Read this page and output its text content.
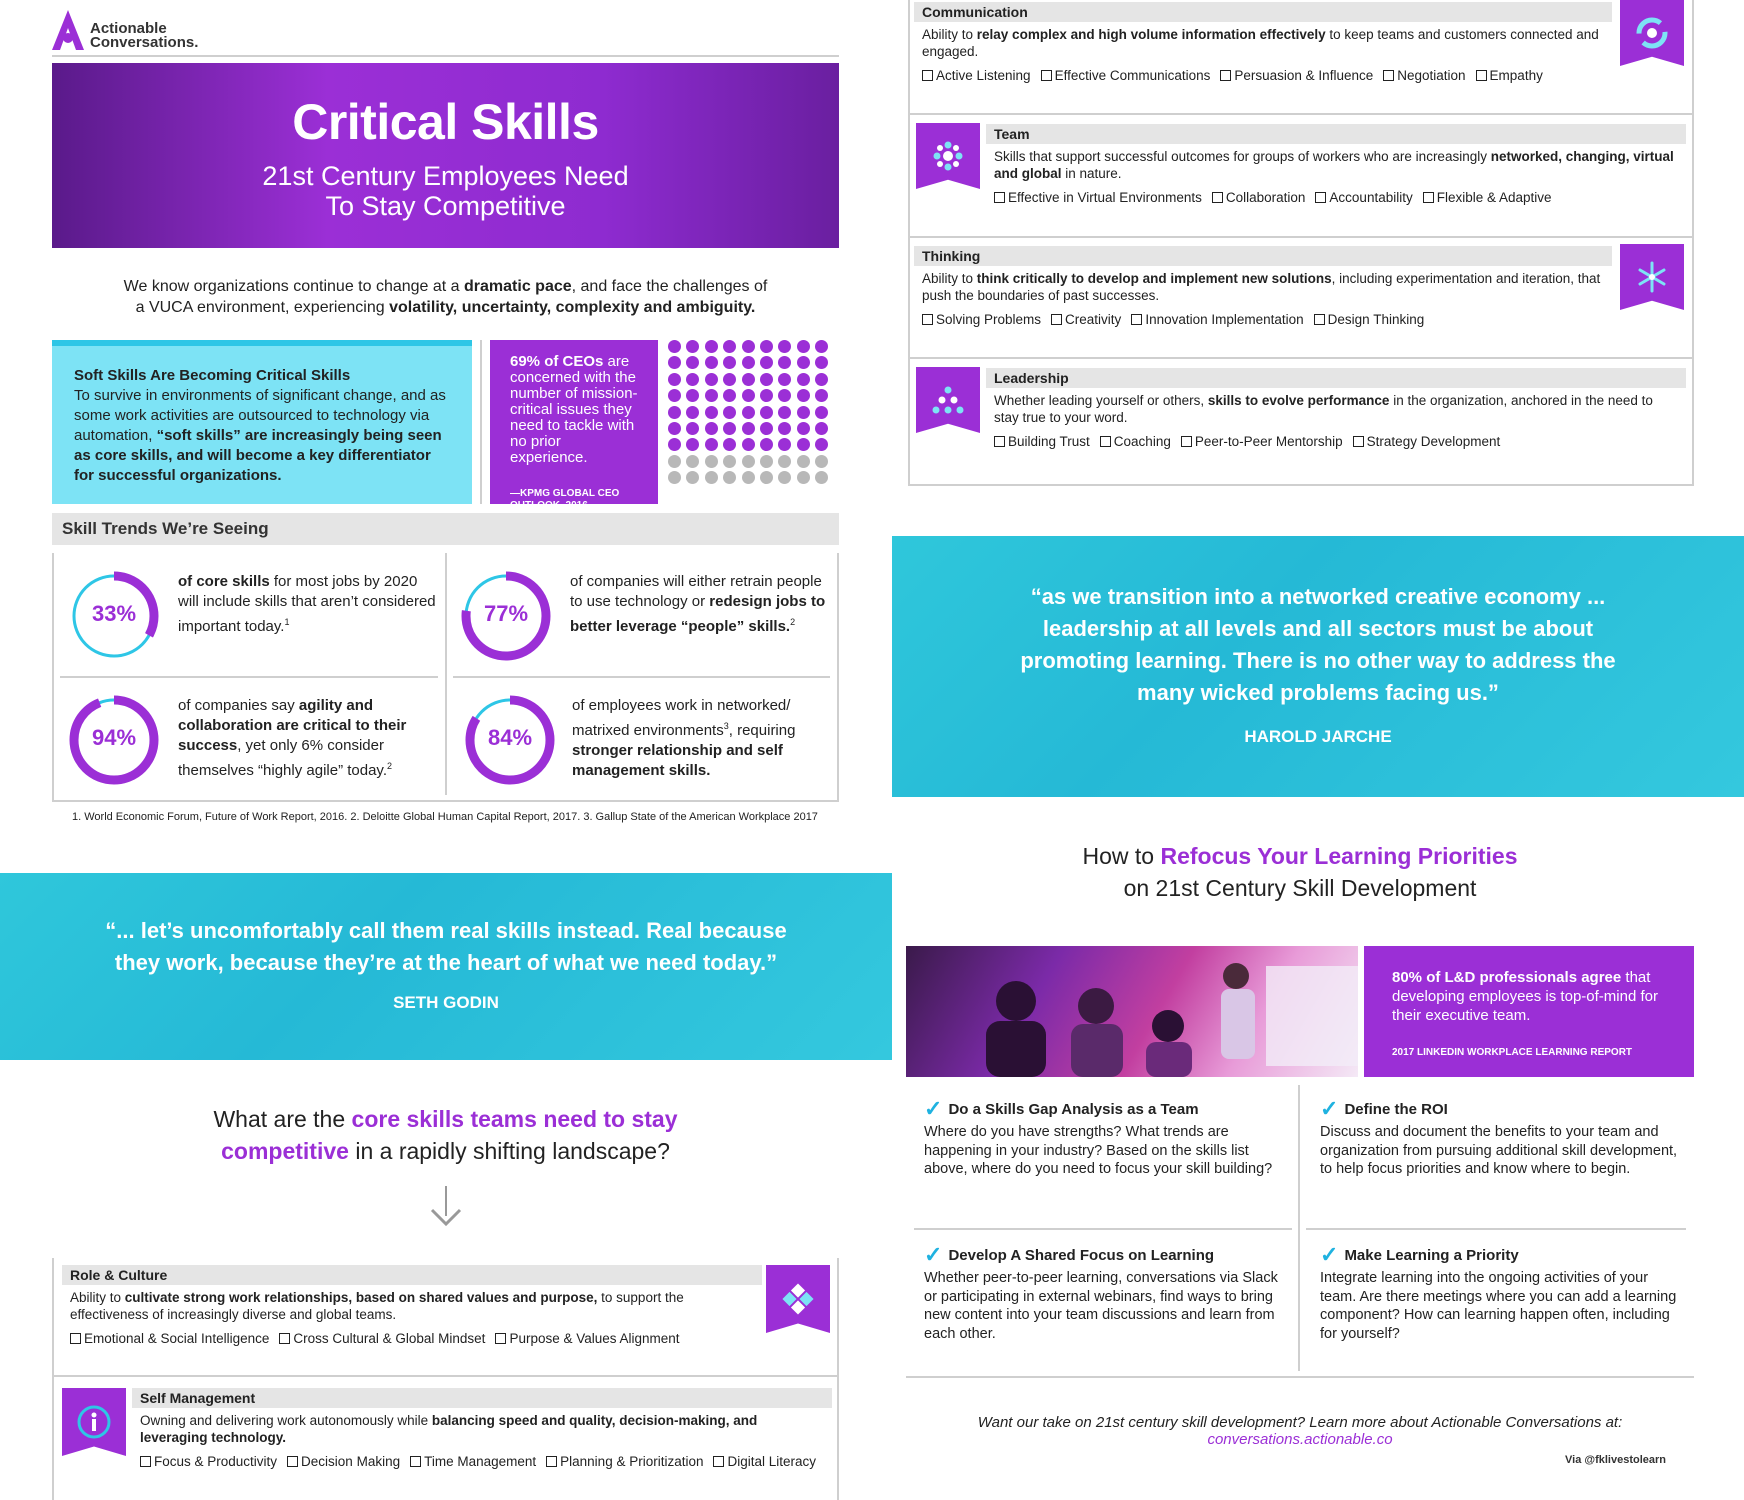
Actionable
Conversations.
Critical Skills
21st Century Employees Need
To Stay Competitive
We know organizations continue to change at a dramatic pace, and face the challenges of
a VUCA environment, experiencing volatility, uncertainty, complexity and ambiguity.
Soft Skills Are Becoming Critical Skills
To survive in environments of significant change, and as some work activities are outsourced to technology via automation, “soft skills” are increasingly being seen as core skills, and will become a key differentiator for successful organizations.
69% of CEOs are concerned with the number of mission-critical issues they need to tackle with no prior experience.
—KPMG GLOBAL CEO
OUTLOOK, 2016
Skill Trends We’re Seeing
33%
of core skills for most jobs by 2020 will include skills that aren’t considered important today.$^1$	77%
of companies will either retrain people to use technology or redesign jobs to better leverage “people” skills.$^2$
94%
of companies say agility and collaboration are critical to their success, yet only 6% consider themselves “highly agile” today.$^2$
84%
of employees work in networked/ matrixed environments$^3$, requiring stronger relationship and self management skills.
1. World Economic Forum, Future of Work Report, 2016. 2. Deloitte Global Human Capital Report, 2017. 3. Gallup State of the American Workplace 2017
“... let’s uncomfortably call them real skills instead. Real because
they work, because they’re at the heart of what we need today.”
SETH GODIN
What are the core skills teams need to stay
competitive in a rapidly shifting landscape?
Role & Culture
Ability to cultivate strong work relationships, based on shared values and purpose, to support the effectiveness of increasingly diverse and global teams.
Emotional & Social Intelligence Cross Cultural & Global Mindset Purpose & Values Alignment
Self Management
Owning and delivering work autonomously while balancing speed and quality, decision-making, and leveraging technology.
Focus & Productivity Decision Making Time Management Planning & Prioritization Digital Literacy
Communication
Ability to relay complex and high volume information effectively to keep teams and customers connected and engaged.
Active Listening Effective Communications Persuasion & Influence Negotiation Empathy
Team
Skills that support successful outcomes for groups of workers who are increasingly networked, changing, virtual and global in nature.
Effective in Virtual Environments Collaboration Accountability Flexible & Adaptive
Thinking
Ability to think critically to develop and implement new solutions, including experimentation and iteration, that push the boundaries of past successes.
Solving Problems Creativity Innovation Implementation Design Thinking
Leadership
Whether leading yourself or others, skills to evolve performance in the organization, anchored in the need to stay true to your word.
Building Trust Coaching Peer-to-Peer Mentorship Strategy Development
“as we transition into a networked creative economy ...
leadership at all levels and all sectors must be about
promoting learning. There is no other way to address the
many wicked problems facing us.”
HAROLD JARCHE
How to Refocus Your Learning Priorities
on 21st Century Skill Development
80% of L&D professionals agree that developing employees is top-of-mind for their executive team.
2017 LINKEDIN WORKPLACE LEARNING REPORT
✓ Do a Skills Gap Analysis as a Team

Where do you have strengths? What trends are happening in your industry? Based on the skills list above, where do you need to focus your skill building?

✓ Define the ROI

Discuss and document the benefits to your team and organization from pursuing additional skill development, to help focus priorities and know where to begin.

✓ Develop A Shared Focus on Learning

Whether peer-to-peer learning, conversations via Slack or participating in external webinars, find ways to bring new content into your team discussions and learn from each other.

✓ Make Learning a Priority

Integrate learning into the ongoing activities of your team. Are there meetings where you can add a learning component? How can learning happen often, including for yourself?

Want our take on 21st century skill development? Learn more about Actionable Conversations at:
conversations.actionable.co
Via @fklivestolearn
